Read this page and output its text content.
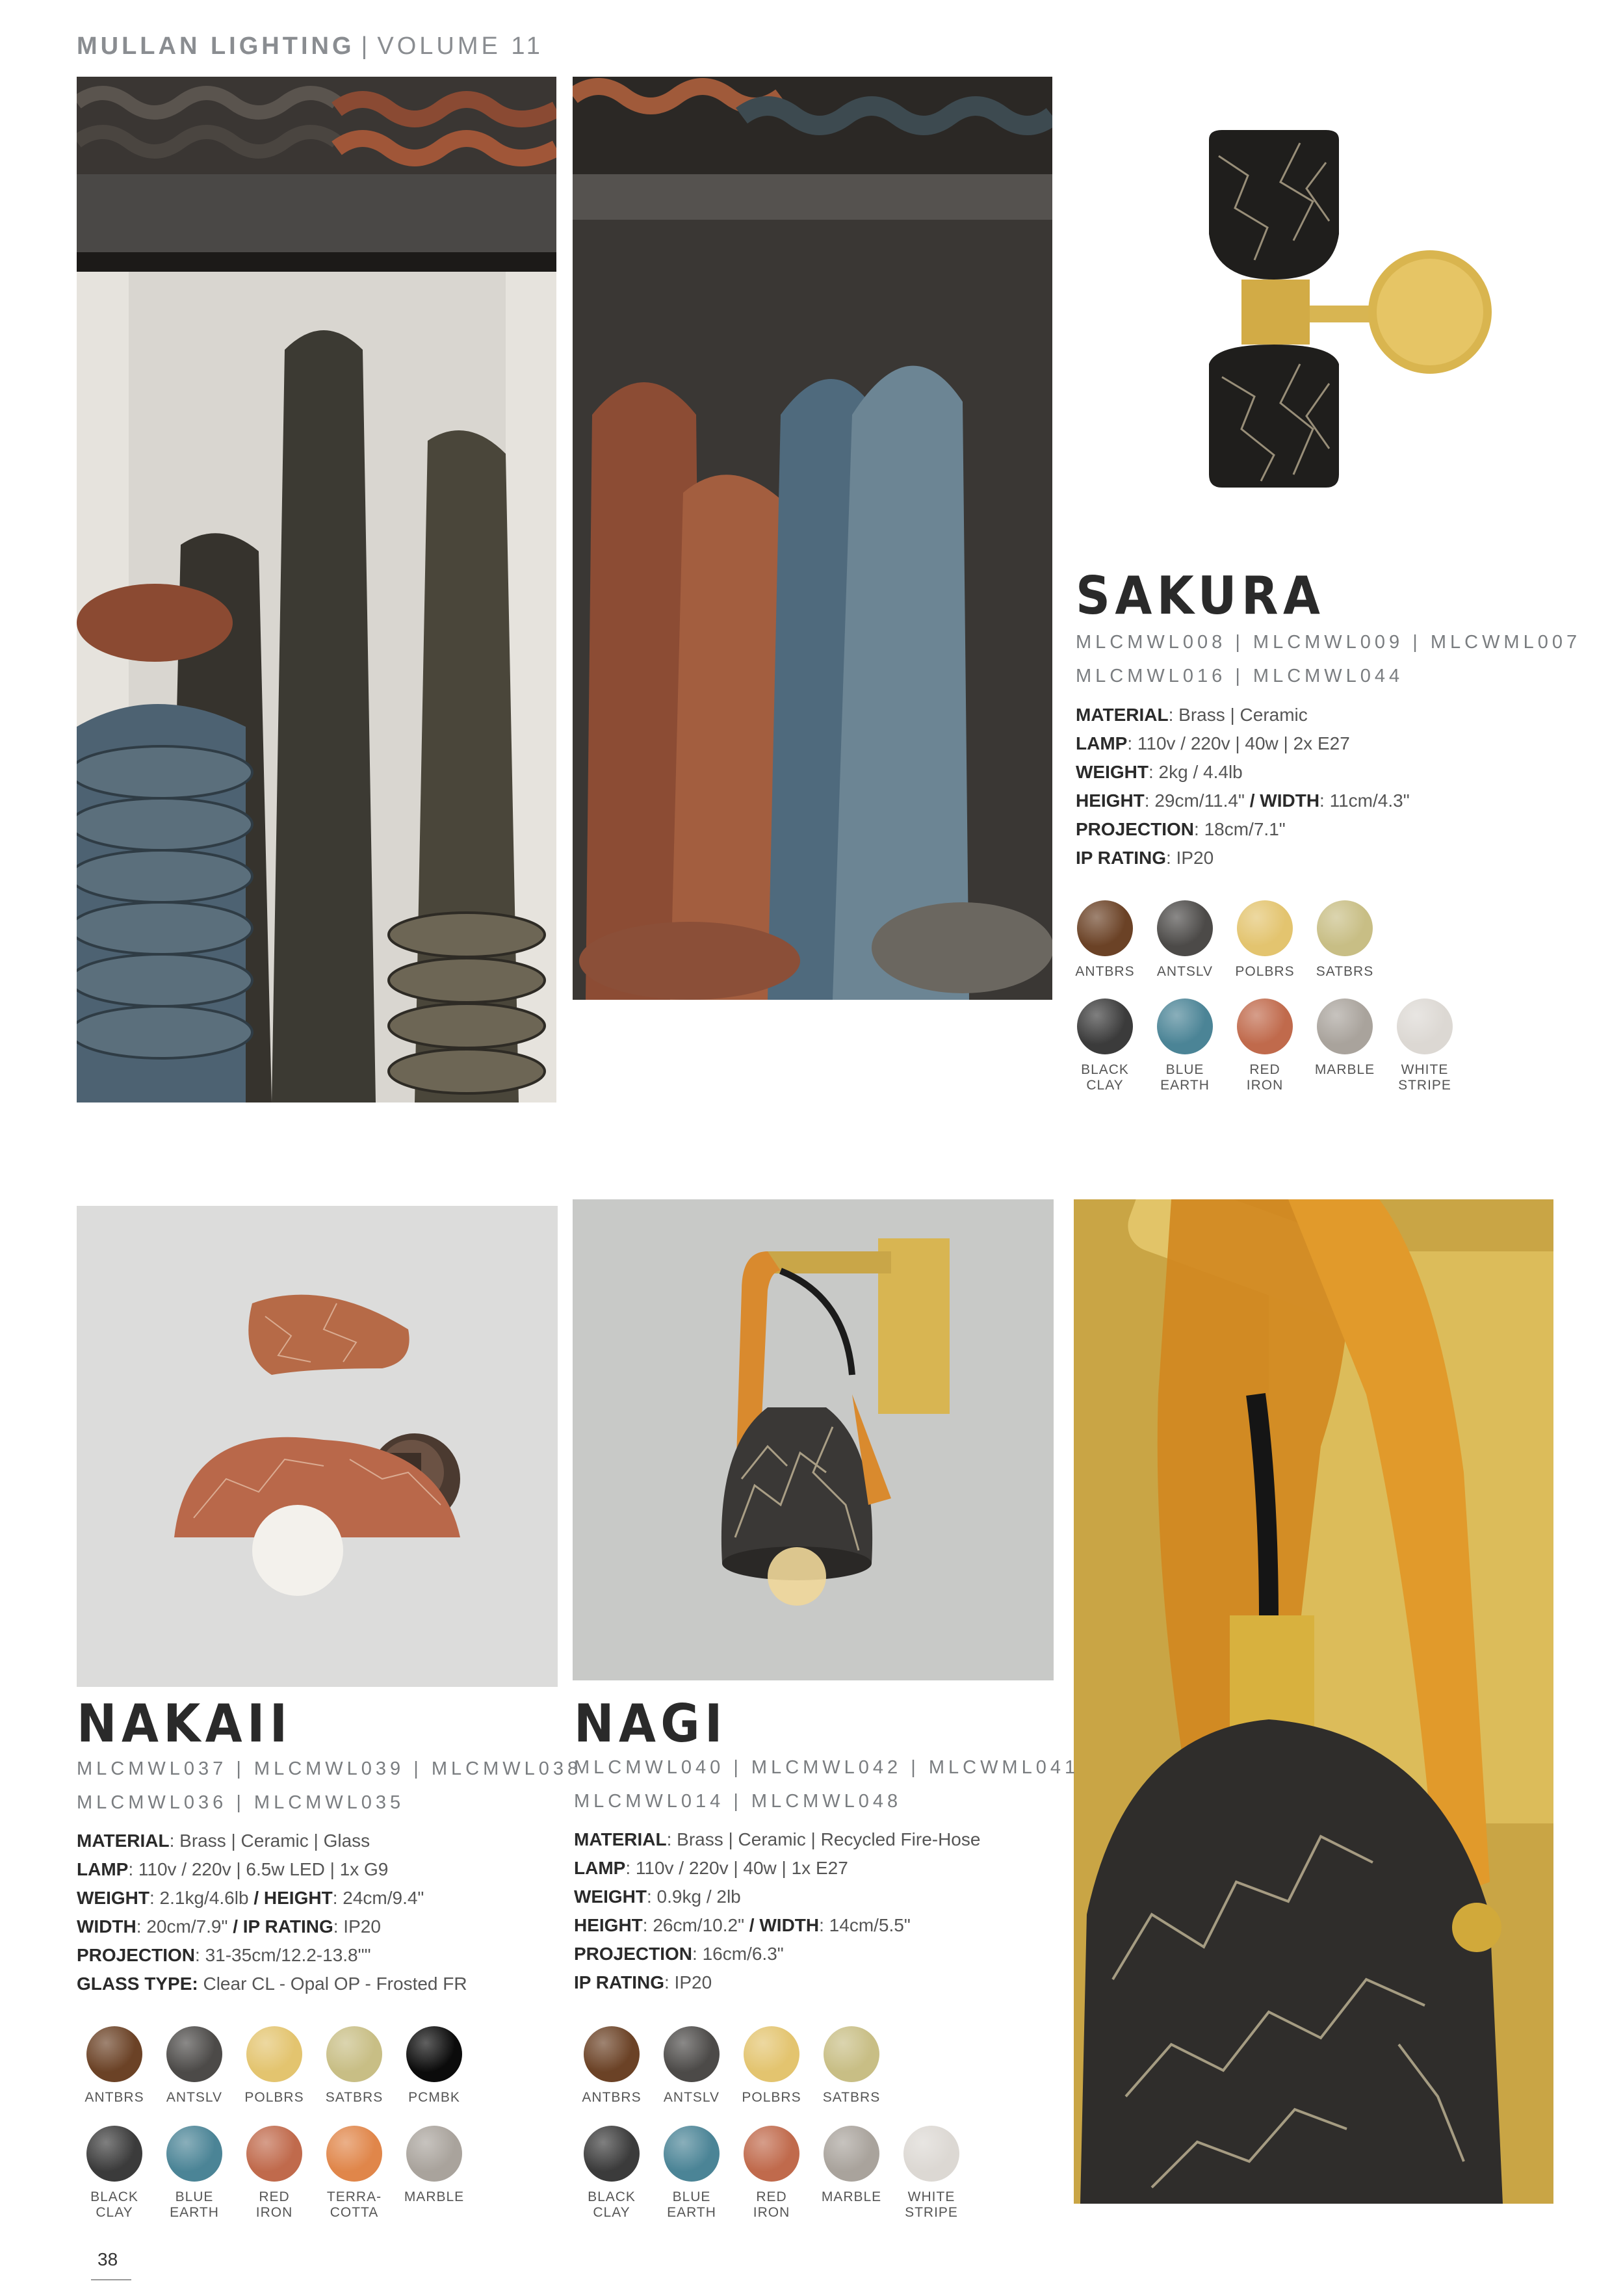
MULLAN LIGHTING | VOLUME 11
SAKURA
MLCMWL008 | MLCMWL009 | MLCWML007
MLCMWL016 | MLCMWL044
MATERIAL: Brass | Ceramic
LAMP: 110v / 220v | 40w | 2x E27
WEIGHT: 2kg / 4.4lb
HEIGHT: 29cm/11.4" / WIDTH: 11cm/4.3"
PROJECTION: 18cm/7.1"
IP RATING: IP20
ANTBRS	ANTSLV	POLBRS	SATBRS
BLACK
CLAY
BLUE
EARTH
RED
IRON
MARBLE	WHITE
STRIPE
NAKAII
MLCMWL037 | MLCMWL039 | MLCMWL038
MLCMWL036 | MLCMWL035
MATERIAL: Brass | Ceramic | Glass
LAMP: 110v / 220v | 6.5w LED | 1x G9
WEIGHT: 2.1kg/4.6lb / HEIGHT: 24cm/9.4"
WIDTH: 20cm/7.9" / IP RATING: IP20
PROJECTION: 31-35cm/12.2-13.8""
GLASS TYPE: Clear CL - Opal OP - Frosted FR
ANTBRS	ANTSLV	POLBRS	SATBRS	PCMBK
BLACK
CLAY
BLUE
EARTH
RED
IRON
TERRA-
COTTA
MARBLE
NAGI
MLCMWL040 | MLCMWL042 | MLCWML041
MLCMWL014 | MLCMWL048
MATERIAL: Brass | Ceramic | Recycled Fire-Hose
LAMP: 110v / 220v | 40w | 1x E27
WEIGHT: 0.9kg / 2lb
HEIGHT: 26cm/10.2" / WIDTH: 14cm/5.5"
PROJECTION: 16cm/6.3"
IP RATING: IP20
ANTBRS	ANTSLV	POLBRS	SATBRS
BLACK
CLAY
BLUE
EARTH
RED
IRON
MARBLE	WHITE
STRIPE
38
